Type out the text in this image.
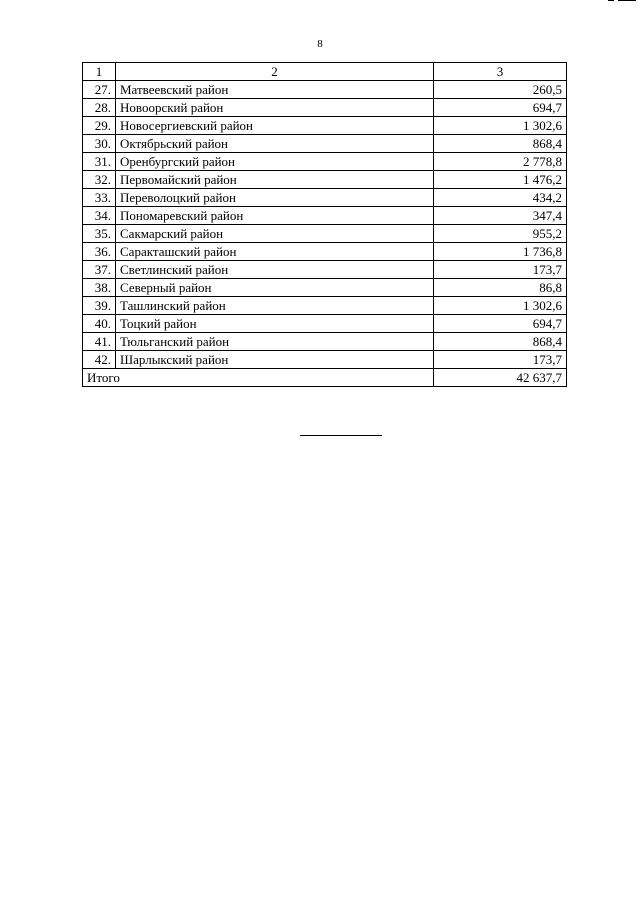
8
1	2	3
27.	Матвеевский район	260,5
28.	Новоорский район	694,7
29.	Новосергиевский район	1 302,6
30.	Октябрьский район	868,4
31.	Оренбургский район	2 778,8
32.	Первомайский район	1 476,2
33.	Переволоцкий район	434,2
34.	Пономаревский район	347,4
35.	Сакмарский район	955,2
36.	Саракташский район	1 736,8
37.	Светлинский район	173,7
38.	Северный район	86,8
39.	Ташлинский район	1 302,6
40.	Тоцкий район	694,7
41.	Тюльганский район	868,4
42.	Шарлыкский район	173,7
Итого		42 637,7
